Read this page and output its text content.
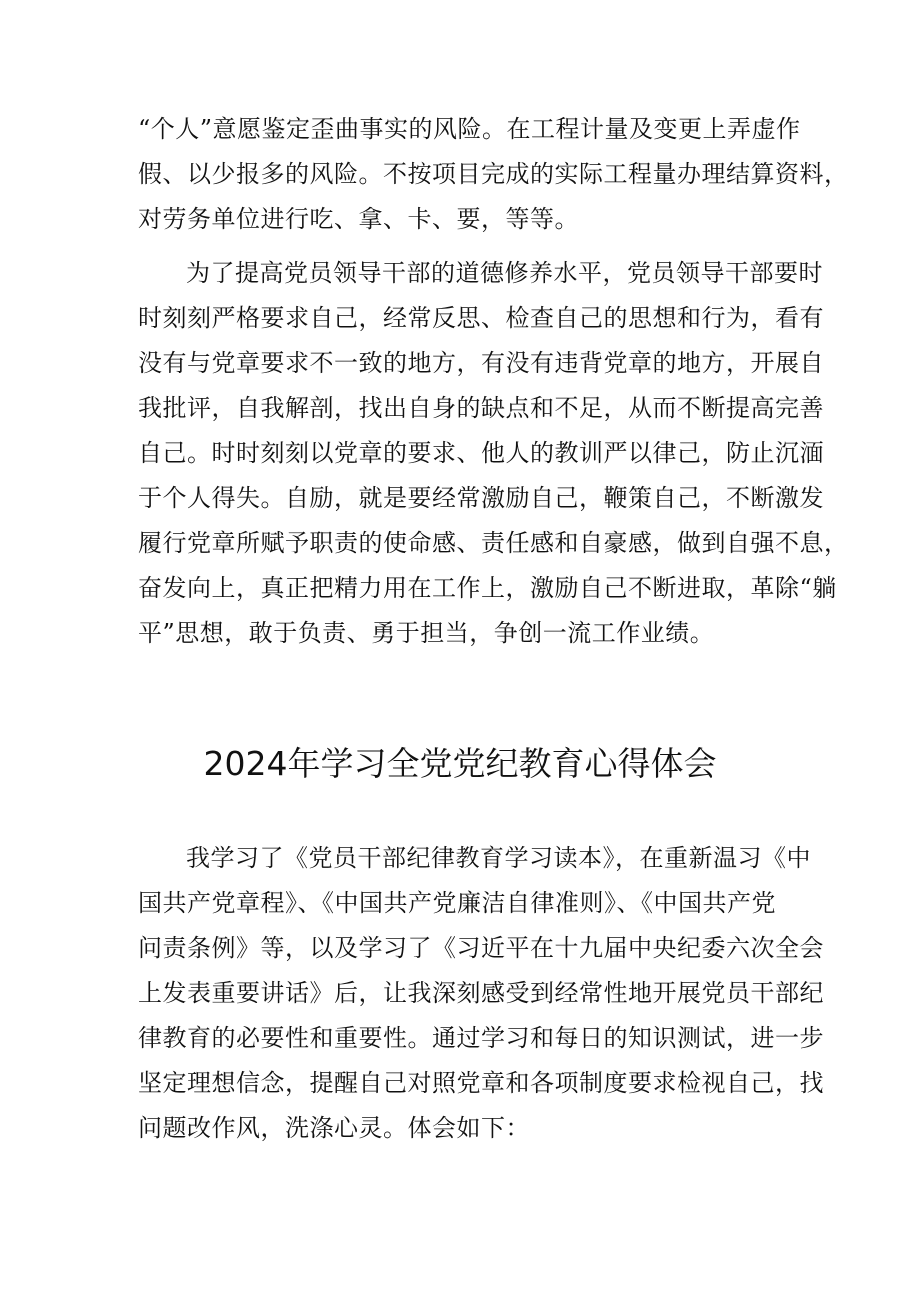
“个人”意愿鉴定歪曲事实的风险。在工程计量及变更上弄虚作
假、以少报多的风险。不按项目完成的实际工程量办理结算资料，
对劳务单位进行吃、拿、卡、要，等等。
为了提高党员领导干部的道德修养水平，党员领导干部要时
时刻刻严格要求自己，经常反思、检查自己的思想和行为，看有
没有与党章要求不一致的地方，有没有违背党章的地方，开展自
我批评，自我解剖，找出自身的缺点和不足，从而不断提高完善
自己。时时刻刻以党章的要求、他人的教训严以律己，防止沉湎
于个人得失。自励，就是要经常激励自己，鞭策自己，不断激发
履行党章所赋予职责的使命感、责任感和自豪感，做到自强不息，
奋发向上，真正把精力用在工作上，激励自己不断进取，革除“躺
平”思想，敢于负责、勇于担当，争创一流工作业绩。
2024年学习全党党纪教育心得体会
我学习了《党员干部纪律教育学习读本》，在重新温习《中
国共产党章程》、《中国共产党廉洁自律准则》、《中国共产党
问责条例》等，以及学习了《习近平在十九届中央纪委六次全会
上发表重要讲话》后，让我深刻感受到经常性地开展党员干部纪
律教育的必要性和重要性。通过学习和每日的知识测试，进一步
坚定理想信念，提醒自己对照党章和各项制度要求检视自己，找
问题改作风，洗涤心灵。体会如下：
